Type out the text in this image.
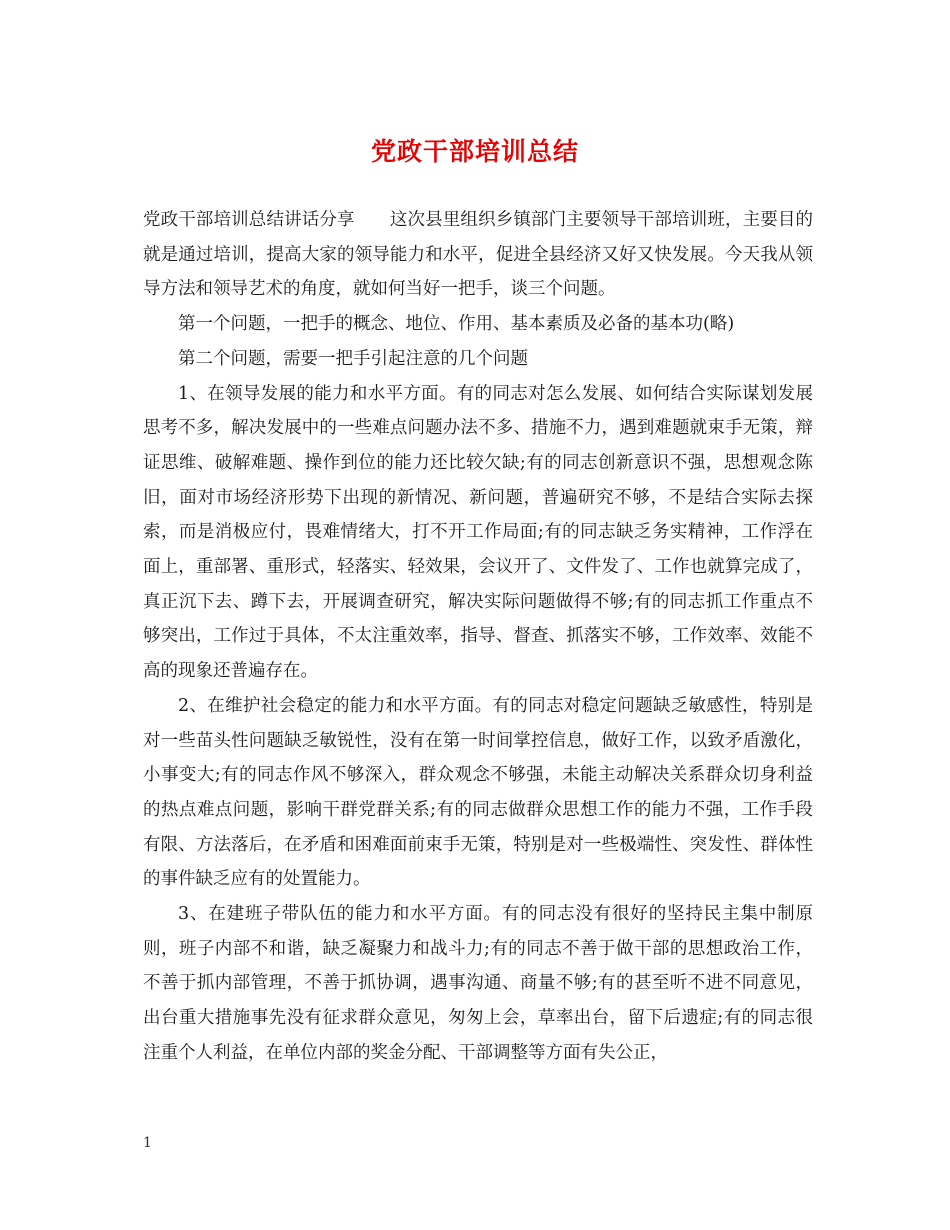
党政干部培训总结

党政干部培训总结讲话分享　　这次县里组织乡镇部门主要领导干部培训班，主要目的就是通过培训，提高大家的领导能力和水平，促进全县经济又好又快发展。今天我从领导方法和领导艺术的角度，就如何当好一把手，谈三个问题。

第一个问题，一把手的概念、地位、作用、基本素质及必备的基本功(略)

第二个问题，需要一把手引起注意的几个问题

1、在领导发展的能力和水平方面。有的同志对怎么发展、如何结合实际谋划发展思考不多，解决发展中的一些难点问题办法不多、措施不力，遇到难题就束手无策，辩证思维、破解难题、操作到位的能力还比较欠缺;有的同志创新意识不强，思想观念陈旧，面对市场经济形势下出现的新情况、新问题，普遍研究不够，不是结合实际去探索，而是消极应付，畏难情绪大，打不开工作局面;有的同志缺乏务实精神，工作浮在面上，重部署、重形式，轻落实、轻效果，会议开了、文件发了、工作也就算完成了，真正沉下去、蹲下去，开展调查研究，解决实际问题做得不够;有的同志抓工作重点不够突出，工作过于具体，不太注重效率，指导、督查、抓落实不够，工作效率、效能不高的现象还普遍存在。

2、在维护社会稳定的能力和水平方面。有的同志对稳定问题缺乏敏感性，特别是对一些苗头性问题缺乏敏锐性，没有在第一时间掌控信息，做好工作，以致矛盾激化，小事变大;有的同志作风不够深入，群众观念不够强，未能主动解决关系群众切身利益的热点难点问题，影响干群党群关系;有的同志做群众思想工作的能力不强，工作手段有限、方法落后，在矛盾和困难面前束手无策，特别是对一些极端性、突发性、群体性的事件缺乏应有的处置能力。

3、在建班子带队伍的能力和水平方面。有的同志没有很好的坚持民主集中制原则，班子内部不和谐，缺乏凝聚力和战斗力;有的同志不善于做干部的思想政治工作，不善于抓内部管理，不善于抓协调，遇事沟通、商量不够;有的甚至听不进不同意见，出台重大措施事先没有征求群众意见，匆匆上会，草率出台，留下后遗症;有的同志很注重个人利益，在单位内部的奖金分配、干部调整等方面有失公正，

1
